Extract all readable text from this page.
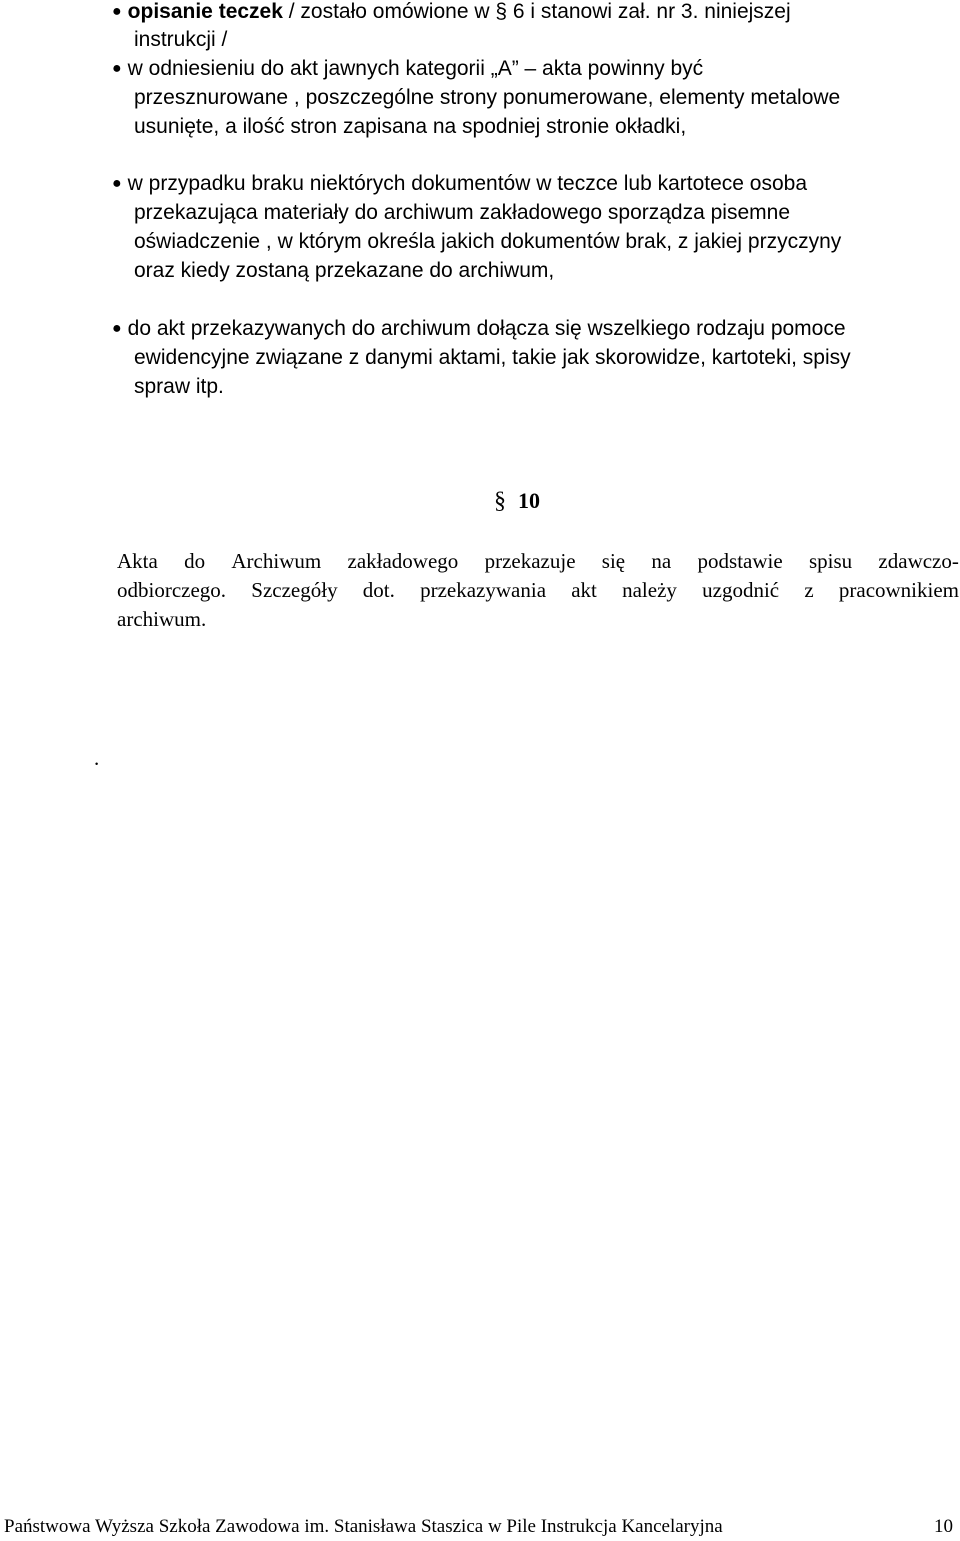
● opisanie teczek / zostało omówione w § 6 i stanowi zał. nr 3. niniejszej
instrukcji /
● w odniesieniu do akt jawnych kategorii „A” – akta powinny być
przesznurowane , poszczególne strony ponumerowane, elementy metalowe
usunięte, a ilość stron zapisana na spodniej stronie okładki,
● w przypadku braku niektórych dokumentów w teczce lub kartotece osoba
przekazująca materiały do archiwum zakładowego sporządza pisemne
oświadczenie , w którym określa jakich dokumentów brak, z jakiej przyczyny
oraz kiedy zostaną przekazane do archiwum,
● do akt przekazywanych do archiwum dołącza się wszelkiego rodzaju pomoce
ewidencyjne związane z danymi aktami, takie jak skorowidze, kartoteki, spisy
spraw itp.
§ 10
Akta do Archiwum zakładowego przekazuje się na podstawie spisu zdawczo-
odbiorczego. Szczegóły dot. przekazywania akt należy uzgodnić z pracownikiem
archiwum.
.
Państwowa Wyższa Szkoła Zawodowa im. Stanisława Staszica w Pile Instrukcja Kancelaryjna	10
